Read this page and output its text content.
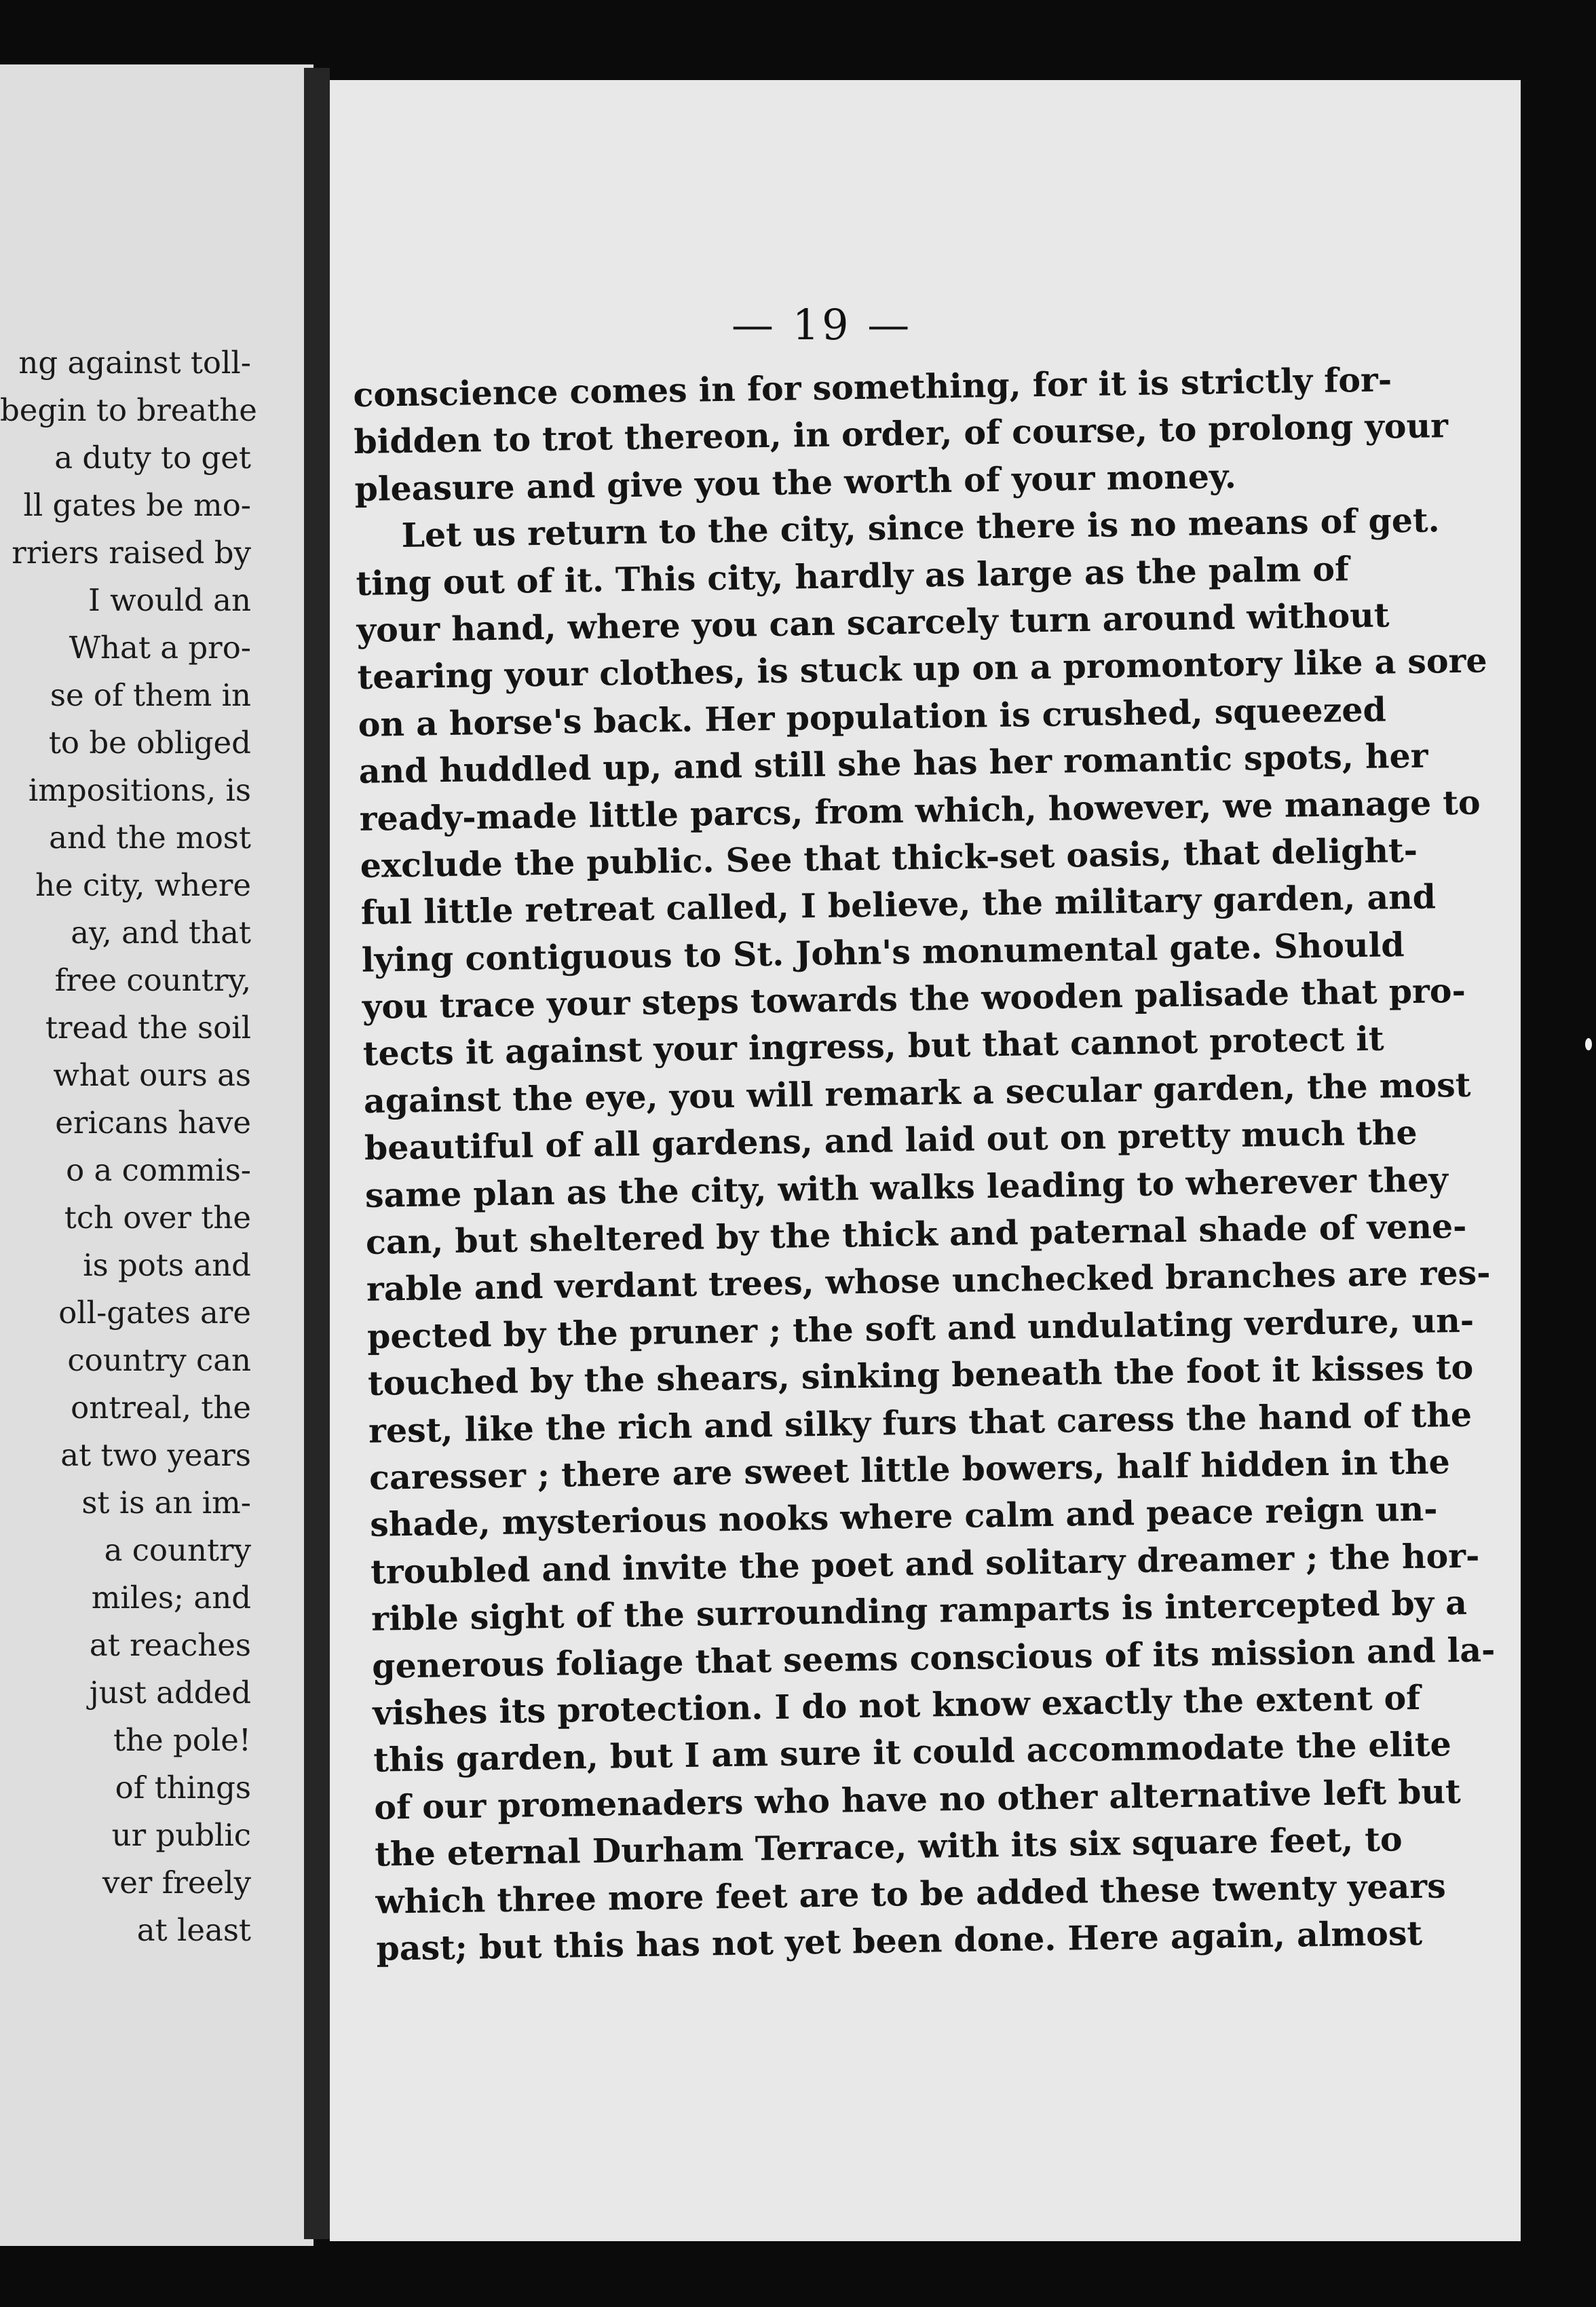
ng against toll-
begin to breathe
a duty to get
ll gates be mo-
rriers raised by
I would an
What a pro-
se of them in
to be obliged
impositions, is
and the most
he city, where
ay, and that
free country,
tread the soil
what ours as
ericans have
o a commis-
tch over the
is pots and
oll-gates are
country can
ontreal, the
at two years
st is an im-
a country
miles; and
at reaches
just added
the pole!
of things
ur public
ver freely
at least
— 19 —
conscience comes in for something, for it is strictly for-
bidden to trot thereon, in order, of course, to prolong your
pleasure and give you the worth of your money.
Let us return to the city, since there is no means of get.
ting out of it. This city, hardly as large as the palm of
your hand, where you can scarcely turn around without
tearing your clothes, is stuck up on a promontory like a sore
on a horse's back. Her population is crushed, squeezed
and huddled up, and still she has her romantic spots, her
ready-made little parcs, from which, however, we manage to
exclude the public. See that thick-set oasis, that delight-
ful little retreat called, I believe, the military garden, and
lying contiguous to St. John's monumental gate. Should
you trace your steps towards the wooden palisade that pro-
tects it against your ingress, but that cannot protect it
against the eye, you will remark a secular garden, the most
beautiful of all gardens, and laid out on pretty much the
same plan as the city, with walks leading to wherever they
can, but sheltered by the thick and paternal shade of vene-
rable and verdant trees, whose unchecked branches are res-
pected by the pruner ; the soft and undulating verdure, un-
touched by the shears, sinking beneath the foot it kisses to
rest, like the rich and silky furs that caress the hand of the
caresser ; there are sweet little bowers, half hidden in the
shade, mysterious nooks where calm and peace reign un-
troubled and invite the poet and solitary dreamer ; the hor-
rible sight of the surrounding ramparts is intercepted by a
generous foliage that seems conscious of its mission and la-
vishes its protection. I do not know exactly the extent of
this garden, but I am sure it could accommodate the elite
of our promenaders who have no other alternative left but
the eternal Durham Terrace, with its six square feet, to
which three more feet are to be added these twenty years
past; but this has not yet been done. Here again, almost
